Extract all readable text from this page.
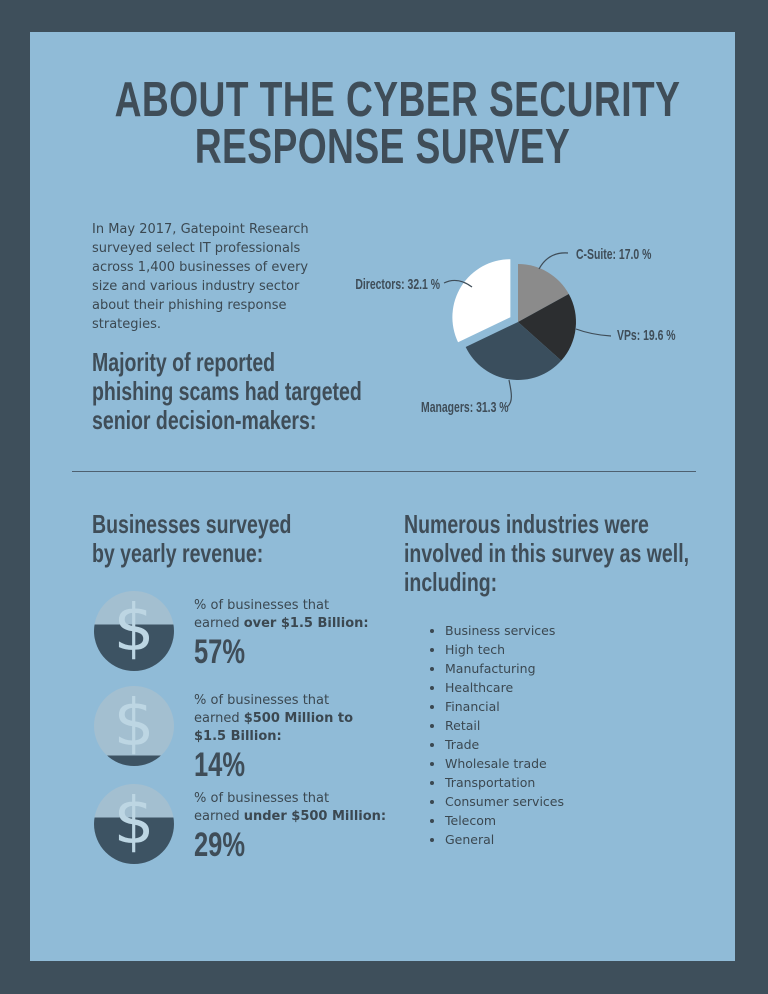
ABOUT THE CYBER SECURITY
RESPONSE SURVEY
In May 2017, Gatepoint Research
surveyed select IT professionals
across 1,400 businesses of every
size and various industry sector
about their phishing response
strategies.
C-Suite: 17.0 %
VPs: 19.6 %
Managers: 31.3 %
Directors: 32.1 %
Majority of reported
phishing scams had targeted
senior decision-makers:
Businesses surveyed
by yearly revenue:
Numerous industries were
involved in this survey as well,
including:
• Business services
• High tech
• Manufacturing
• Healthcare
• Financial
• Retail
• Trade
• Wholesale trade
• Transportation
• Consumer services
• Telecom
• General
$	% of businesses that
earned over $1.5 Billion:
57%
$	% of businesses that
earned $500 Million to
$1.5 Billion:
14%
$	% of businesses that
earned under $500 Million:
29%
